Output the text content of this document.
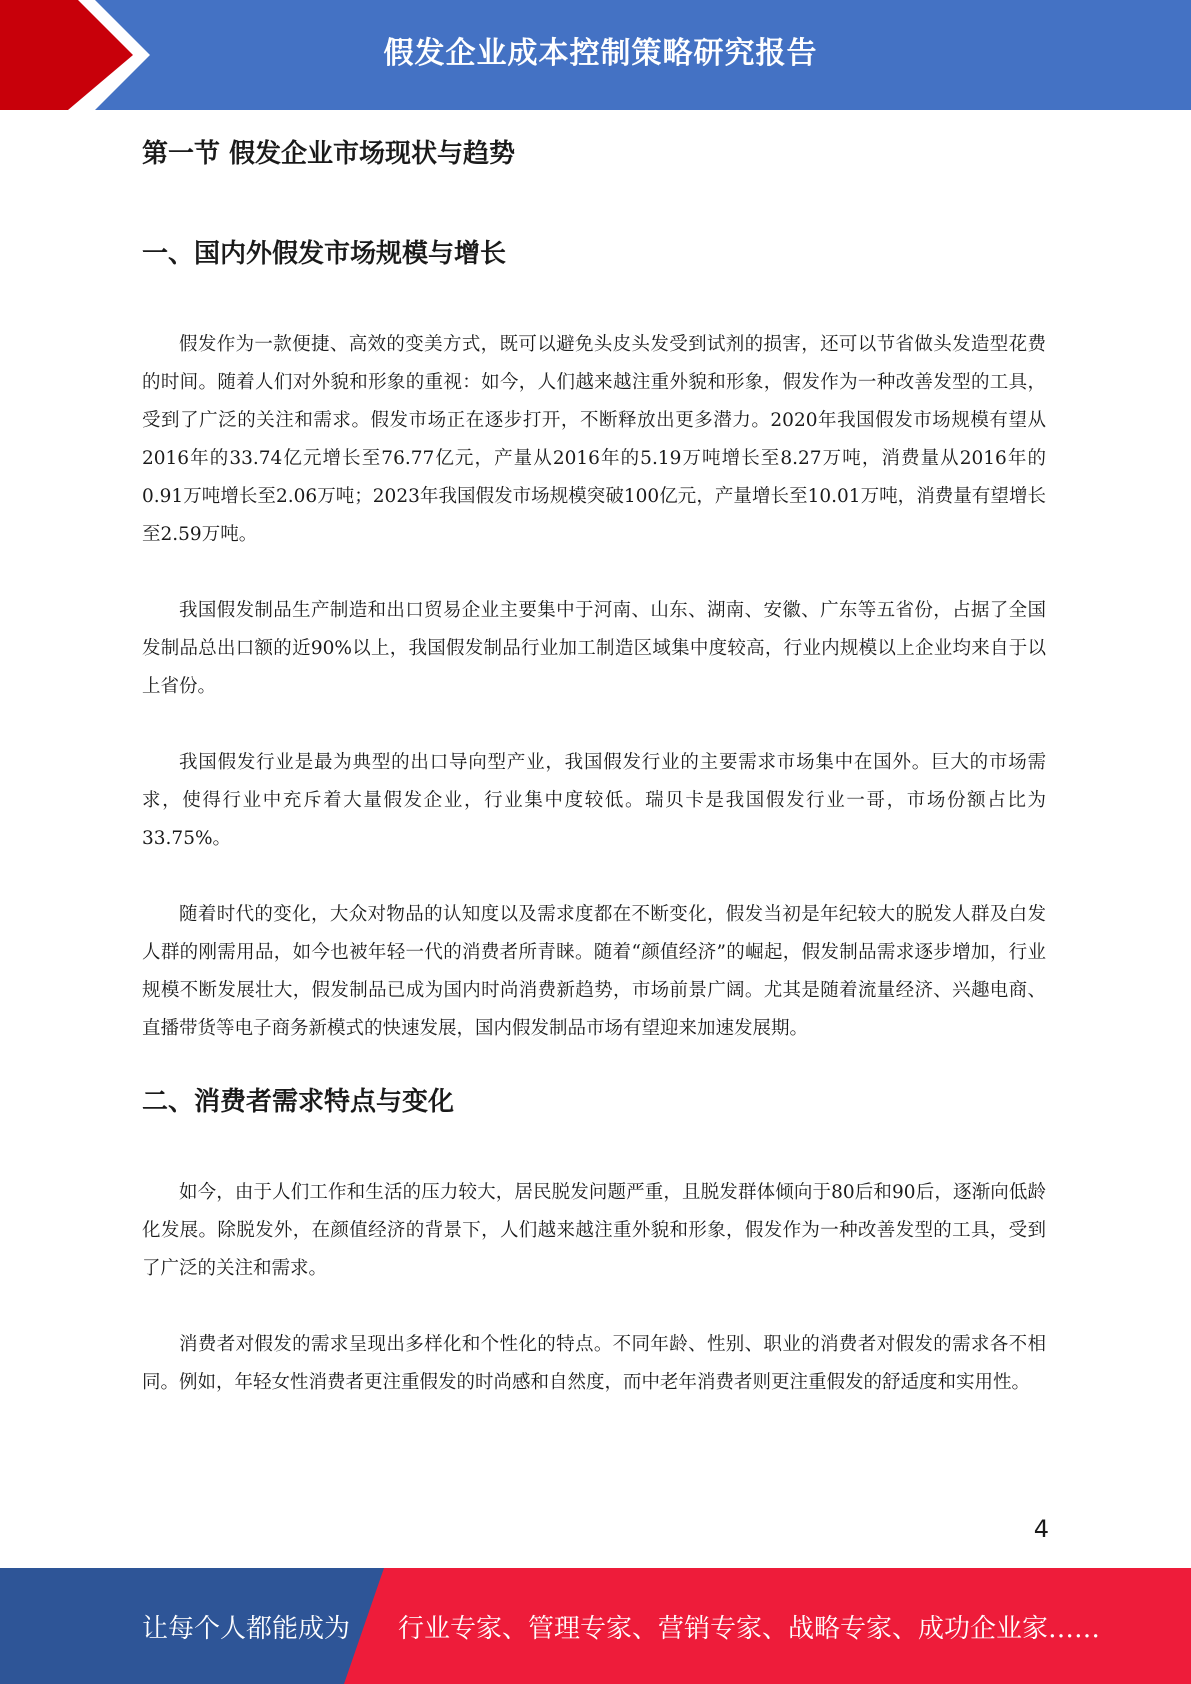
假发企业成本控制策略研究报告
第一节 假发企业市场现状与趋势
一、国内外假发市场规模与增长

假发作为一款便捷、高效的变美方式，既可以避免头皮头发受到试剂的损害，还可以节省做头发造型花费的时间。随着人们对外貌和形象的重视：如今，人们越来越注重外貌和形象，假发作为一种改善发型的工具，受到了广泛的关注和需求。假发市场正在逐步打开，不断释放出更多潜力。2020年我国假发市场规模有望从2016年的33.74亿元增长至76.77亿元，产量从2016年的5.19万吨增长至8.27万吨，消费量从2016年的0.91万吨增长至2.06万吨；2023年我国假发市场规模突破100亿元，产量增长至10.01万吨，消费量有望增长至2.59万吨。

我国假发制品生产制造和出口贸易企业主要集中于河南、山东、湖南、安徽、广东等五省份，占据了全国发制品总出口额的近90%以上，我国假发制品行业加工制造区域集中度较高，行业内规模以上企业均来自于以上省份。

我国假发行业是最为典型的出口导向型产业，我国假发行业的主要需求市场集中在国外。巨大的市场需求，使得行业中充斥着大量假发企业，行业集中度较低。瑞贝卡是我国假发行业一哥，市场份额占比为33.75%。

随着时代的变化，大众对物品的认知度以及需求度都在不断变化，假发当初是年纪较大的脱发人群及白发人群的刚需用品，如今也被年轻一代的消费者所青睐。随着“颜值经济”的崛起，假发制品需求逐步增加，行业规模不断发展壮大，假发制品已成为国内时尚消费新趋势，市场前景广阔。尤其是随着流量经济、兴趣电商、直播带货等电子商务新模式的快速发展，国内假发制品市场有望迎来加速发展期。

二、消费者需求特点与变化

如今，由于人们工作和生活的压力较大，居民脱发问题严重，且脱发群体倾向于80后和90后，逐渐向低龄化发展。除脱发外，在颜值经济的背景下，人们越来越注重外貌和形象，假发作为一种改善发型的工具，受到了广泛的关注和需求。

消费者对假发的需求呈现出多样化和个性化的特点。不同年龄、性别、职业的消费者对假发的需求各不相同。例如，年轻女性消费者更注重假发的时尚感和自然度，而中老年消费者则更注重假发的舒适度和实用性。

4
让每个人都能成为 行业专家、管理专家、营销专家、战略专家、成功企业家……
